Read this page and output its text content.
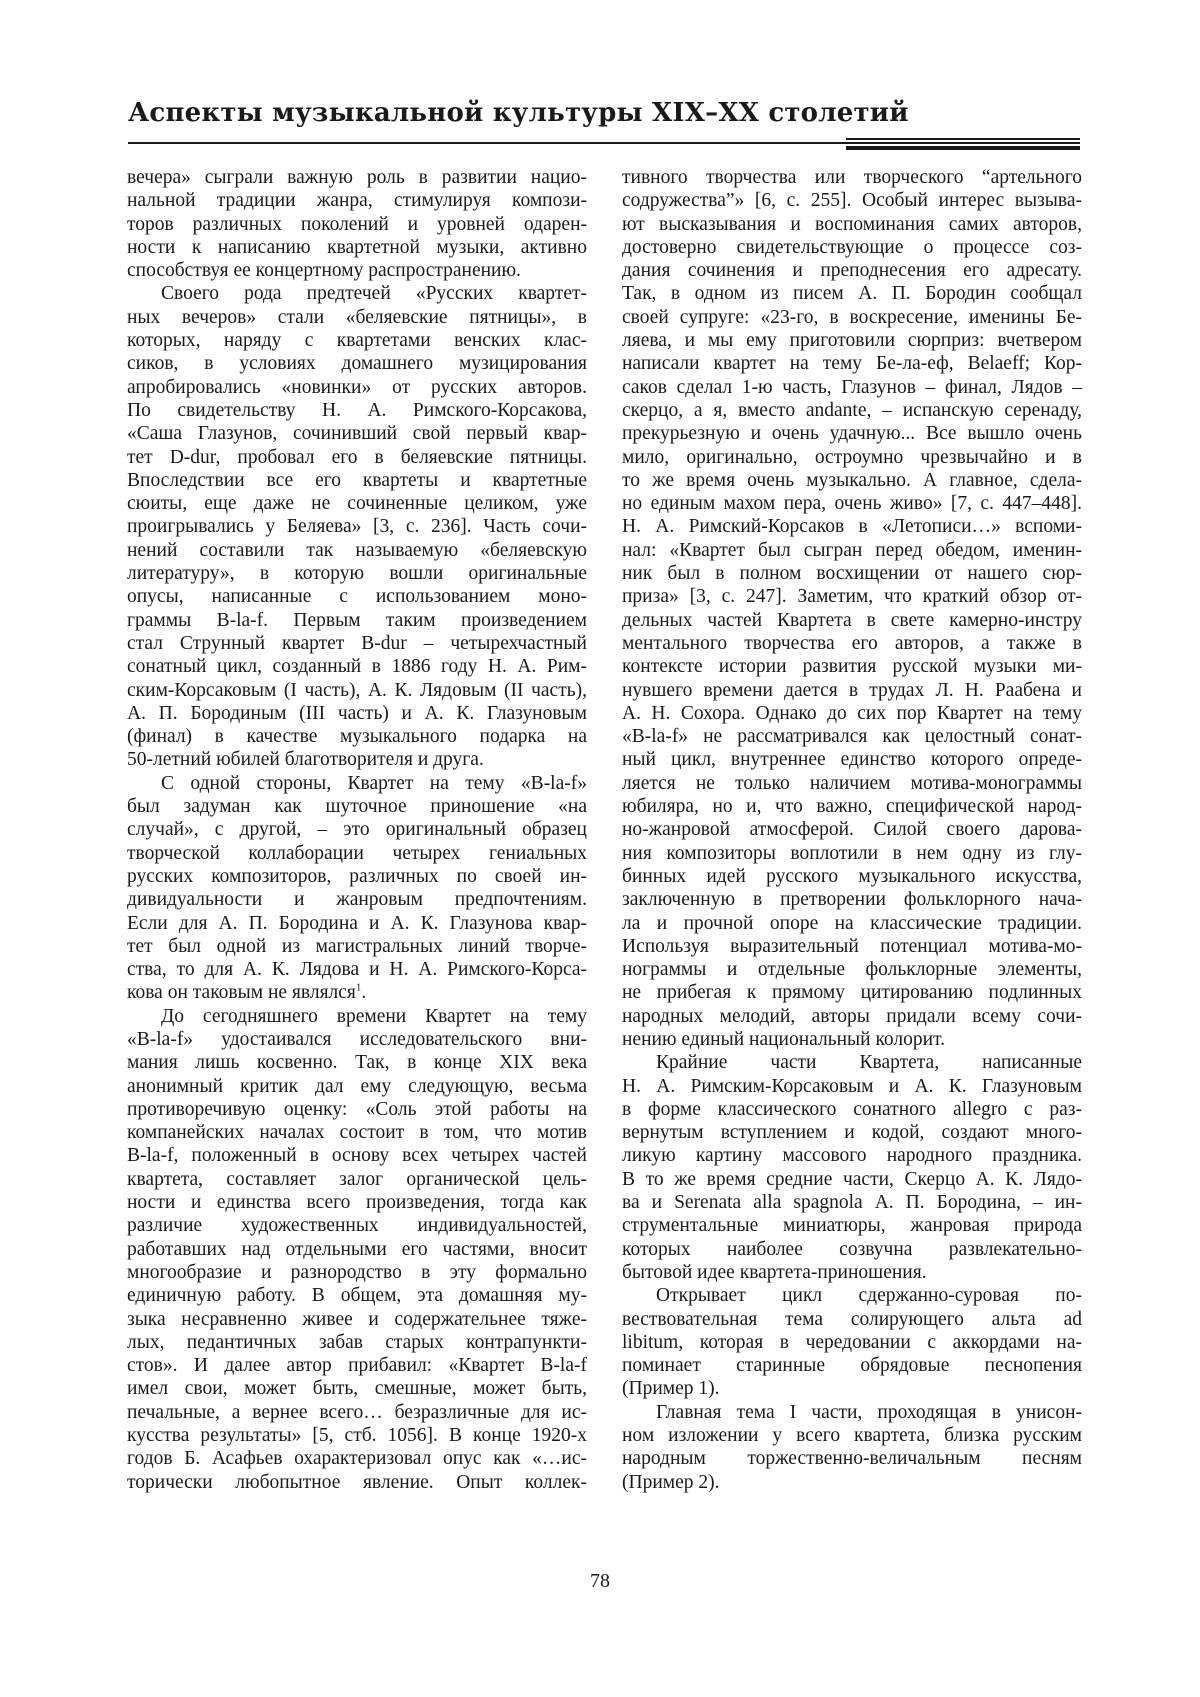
Аспекты музыкальной культуры XIX–XX столетий
вечера» сыграли важную роль в развитии нацио-
нальной традиции жанра, стимулируя компози-
торов различных поколений и уровней одарен-
ности к написанию квартетной музыки, активно
способствуя ее концертному распространению.
Своего рода предтечей «Русских квартет-
ных вечеров» стали «беляевские пятницы», в
которых, наряду с квартетами венских клас-
сиков, в условиях домашнего музицирования
апробировались «новинки» от русских авторов.
По свидетельству Н. А. Римского-Корсакова,
«Саша Глазунов, сочинивший свой первый квар-
тет D-dur, пробовал его в беляевские пятницы.
Впоследствии все его квартеты и квартетные
сюиты, еще даже не сочиненные целиком, уже
проигрывались у Беляева» [3, с. 236]. Часть сочи-
нений составили так называемую «беляевскую
литературу», в которую вошли оригинальные
опусы, написанные с использованием моно-
граммы B-la-f. Первым таким произведением
стал Струнный квартет B-dur – четырехчастный
сонатный цикл, созданный в 1886 году Н. А. Рим-
ским-Корсаковым (I часть), А. К. Лядовым (II часть),
А. П. Бородиным (III часть) и А. К. Глазуновым
(финал) в качестве музыкального подарка на
50-летний юбилей благотворителя и друга.
С одной стороны, Квартет на тему «B-la-f»
был задуман как шуточное приношение «на
случай», с другой, – это оригинальный образец
творческой коллаборации четырех гениальных
русских композиторов, различных по своей ин-
дивидуальности и жанровым предпочтениям.
Если для А. П. Бородина и А. К. Глазунова квар-
тет был одной из магистральных линий творче-
ства, то для А. К. Лядова и Н. А. Римского-Корса-
кова он таковым не являлся$^1$.
До сегодняшнего времени Квартет на тему
«B-la-f» удостаивался исследовательского вни-
мания лишь косвенно. Так, в конце XIX века
анонимный критик дал ему следующую, весьма
противоречивую оценку: «Соль этой работы на
компанейских началах состоит в том, что мотив
B-la-f, положенный в основу всех четырех частей
квартета, составляет залог органической цель-
ности и единства всего произведения, тогда как
различие художественных индивидуальностей,
работавших над отдельными его частями, вносит
многообразие и разнородство в эту формально
единичную работу. В общем, эта домашняя му-
зыка несравненно живее и содержательнее тяже-
лых, педантичных забав старых контрапункти-
стов». И далее автор прибавил: «Квартет B-la-f
имел свои, может быть, смешные, может быть,
печальные, а вернее всего… безразличные для ис-
кусства результаты» [5, стб. 1056]. В конце 1920-х
годов Б. Асафьев охарактеризовал опус как «…ис-
торически любопытное явление. Опыт коллек-
тивного творчества или творческого “артельного
содружества”» [6, с. 255]. Особый интерес вызыва-
ют высказывания и воспоминания самих авторов,
достоверно свидетельствующие о процессе соз-
дания сочинения и преподнесения его адресату.
Так, в одном из писем А. П. Бородин сообщал
своей супруге: «23-го, в воскресение, именины Бе-
ляева, и мы ему приготовили сюрприз: вчетвером
написали квартет на тему Бе-ла-еф, Belaeff; Кор-
саков сделал 1-ю часть, Глазунов – финал, Лядов –
скерцо, а я, вместо andante, – испанскую серенаду,
прекурьезную и очень удачную... Все вышло очень
мило, оригинально, остроумно чрезвычайно и в
то же время очень музыкально. А главное, сдела-
но единым махом пера, очень живо» [7, с. 447–448].
Н. А. Римский-Корсаков в «Летописи…» вспоми-
нал: «Квартет был сыгран перед обедом, именин-
ник был в полном восхищении от нашего сюр-
приза» [3, с. 247]. Заметим, что краткий обзор от-
дельных частей Квартета в свете камерно-инстру
ментального творчества его авторов, а также в
контексте истории развития русской музыки ми-
нувшего времени дается в трудах Л. Н. Раабена и
А. Н. Сохора. Однако до сих пор Квартет на тему
«B-la-f» не рассматривался как целостный сонат-
ный цикл, внутреннее единство которого опреде-
ляется не только наличием мотива-монограммы
юбиляра, но и, что важно, специфической народ-
но-жанровой атмосферой. Силой своего дарова-
ния композиторы воплотили в нем одну из глу-
бинных идей русского музыкального искусства,
заключенную в претворении фольклорного нача-
ла и прочной опоре на классические традиции.
Используя выразительный потенциал мотива-мо-
нограммы и отдельные фольклорные элементы,
не прибегая к прямому цитированию подлинных
народных мелодий, авторы придали всему сочи-
нению единый национальный колорит.
Крайние части Квартета, написанные
Н. А. Римским-Корсаковым и А. К. Глазуновым
в форме классического сонатного allegro с раз-
вернутым вступлением и кодой, создают много-
ликую картину массового народного праздника.
В то же время средние части, Скерцо А. К. Лядо-
ва и Serenata alla spagnola А. П. Бородина, – ин-
струментальные миниатюры, жанровая природа
которых наиболее созвучна развлекательно-
бытовой идее квартета-приношения.
Открывает цикл сдержанно-суровая по-
вествовательная тема солирующего альта ad
libitum, которая в чередовании с аккордами на-
поминает старинные обрядовые песнопения
(Пример 1).
Главная тема I части, проходящая в унисон-
ном изложении у всего квартета, близка русским
народным торжественно-величальным песням
(Пример 2).
78
